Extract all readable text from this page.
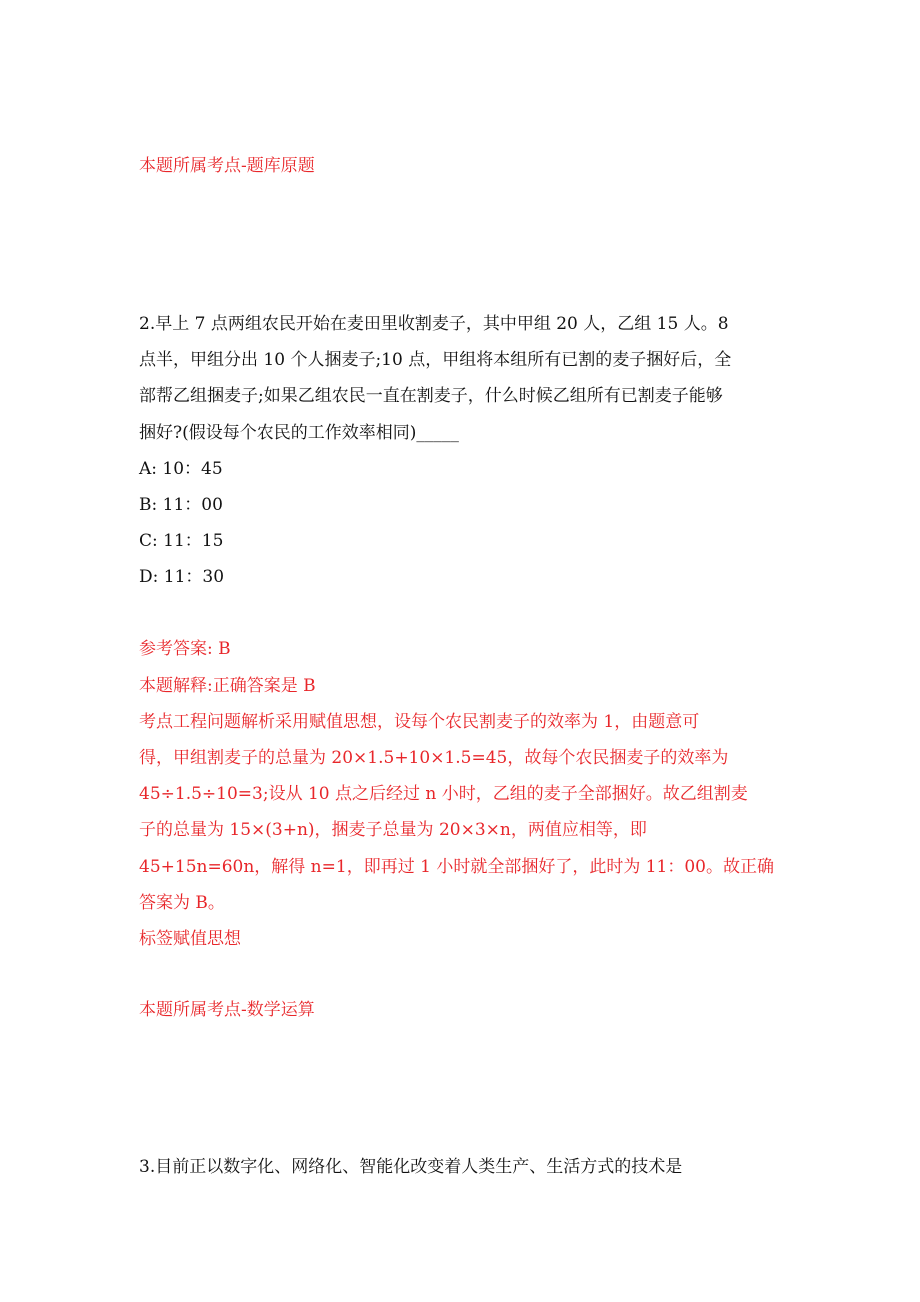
本题所属考点-题库原题
2.早上 7 点两组农民开始在麦田里收割麦子，其中甲组 20 人，乙组 15 人。8
点半，甲组分出 10 个人捆麦子;10 点，甲组将本组所有已割的麦子捆好后，全
部帮乙组捆麦子;如果乙组农民一直在割麦子，什么时候乙组所有已割麦子能够
捆好?(假设每个农民的工作效率相同)_____
A: 10：45
B: 11：00
C: 11：15
D: 11：30
参考答案: B
本题解释:正确答案是 B
考点工程问题解析采用赋值思想，设每个农民割麦子的效率为 1，由题意可
得，甲组割麦子的总量为 20×1.5+10×1.5=45，故每个农民捆麦子的效率为
45÷1.5÷10=3;设从 10 点之后经过 n 小时，乙组的麦子全部捆好。故乙组割麦
子的总量为 15×(3+n)，捆麦子总量为 20×3×n，两值应相等，即
45+15n=60n，解得 n=1，即再过 1 小时就全部捆好了，此时为 11：00。故正确
答案为 B。
标签赋值思想
本题所属考点-数学运算
3.目前正以数字化、网络化、智能化改变着人类生产、生活方式的技术是
